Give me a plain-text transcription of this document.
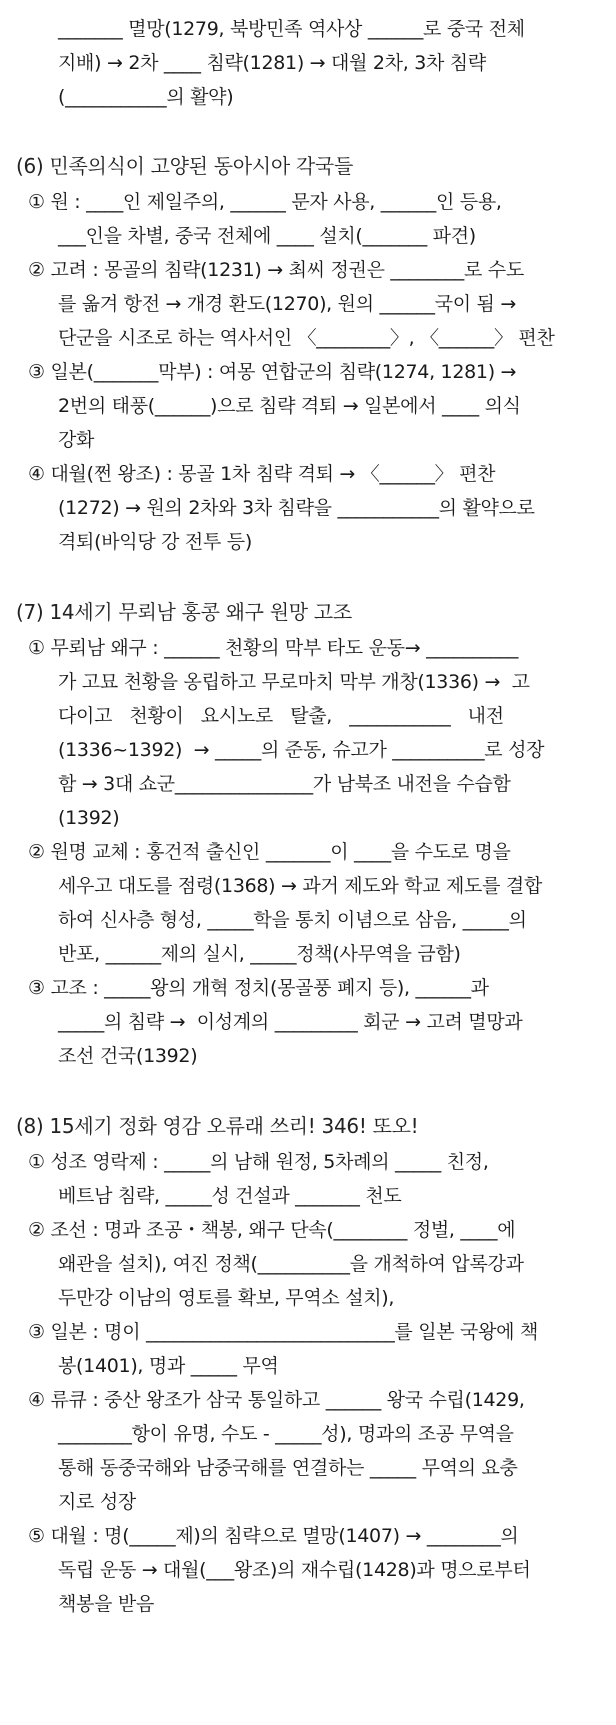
_______ 멸망(1279, 북방민족 역사상 ______로 중국 전체
지배) → 2차 ____ 침략(1281) → 대월 2차, 3차 침략
(___________의 활약)
(6) 민족의식이 고양된 동아시아 각국들
① 원 : ____인 제일주의, ______ 문자 사용, ______인 등용,
___인을 차별, 중국 전체에 ____ 설치(_______ 파견)
② 고려 : 몽골의 침략(1231) → 최씨 정권은 ________로 수도
를 옮겨 항전 → 개경 환도(1270), 원의 ______국이 됨 →
단군을 시조로 하는 역사서인 〈________〉, 〈______〉 편찬
③ 일본(_______막부) : 여몽 연합군의 침략(1274, 1281) →
2번의 태풍(______)으로 침략 격퇴 → 일본에서 ____ 의식
강화
④ 대월(쩐 왕조) : 몽골 1차 침략 격퇴 → 〈______〉 편찬
(1272) → 원의 2차와 3차 침략을 ___________의 활약으로
격퇴(바익당 강 전투 등)
(7) 14세기 무뢰남 홍콩 왜구 원망 고조
① 무뢰남 왜구 : ______ 천황의 막부 타도 운동→ __________
가 고묘 천황을 옹립하고 무로마치 막부 개창(1336) →  고
다이고   천황이   요시노로   탈출,   ___________   내전
(1336~1392)  → _____의 준동, 슈고가 __________로 성장
함 → 3대 쇼군_______________가 남북조 내전을 수습함
(1392)
② 원명 교체 : 홍건적 출신인 _______이 ____을 수도로 명을
세우고 대도를 점령(1368) → 과거 제도와 학교 제도를 결합
하여 신사층 형성, _____학을 통치 이념으로 삼음, _____의
반포, ______제의 실시, _____정책(사무역을 금함)
③ 고조 : _____왕의 개혁 정치(몽골풍 폐지 등), ______과
_____의 침략 →  이성계의 _________ 회군 → 고려 멸망과
조선 건국(1392)
(8) 15세기 정화 영감 오류래 쓰리! 346! 또오!
① 성조 영락제 : _____의 남해 원정, 5차례의 _____ 친정,
베트남 침략, _____성 건설과 _______ 천도
② 조선 : 명과 조공・책봉, 왜구 단속(________ 정벌, ____에
왜관을 설치), 여진 정책(__________을 개척하여 압록강과
두만강 이남의 영토를 확보, 무역소 설치),
③ 일본 : 명이 ___________________________를 일본 국왕에 책
봉(1401), 명과 _____ 무역
④ 류큐 : 중산 왕조가 삼국 통일하고 ______ 왕국 수립(1429,
________항이 유명, 수도 - _____성), 명과의 조공 무역을
통해 동중국해와 남중국해를 연결하는 _____ 무역의 요충
지로 성장
⑤ 대월 : 명(_____제)의 침략으로 멸망(1407) → ________의
독립 운동 → 대월(___왕조)의 재수립(1428)과 명으로부터
책봉을 받음
